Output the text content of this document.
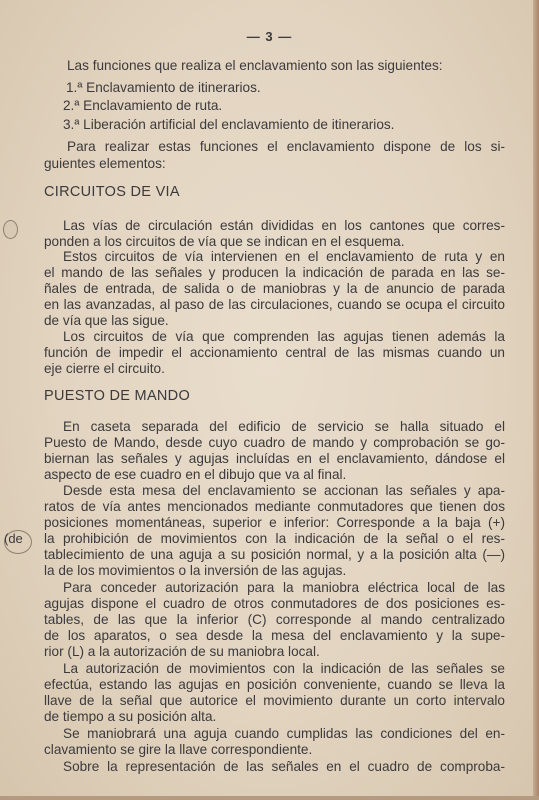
(de
— 3 —
Las funciones que realiza el enclavamiento son las siguientes:
1.ª Enclavamiento de itinerarios.
2.ª Enclavamiento de ruta.
3.ª Liberación artificial del enclavamiento de itinerarios.
Para realizar estas funciones el enclavamiento dispone de los si-
guientes elementos:
CIRCUITOS DE VIA
Las vías de circulación están divididas en los cantones que corres-
ponden a los circuitos de vía que se indican en el esquema.
Estos circuitos de vía intervienen en el enclavamiento de ruta y en
el mando de las señales y producen la indicación de parada en las se-
ñales de entrada, de salida o de maniobras y la de anuncio de parada
en las avanzadas, al paso de las circulaciones, cuando se ocupa el circuito
de vía que las sigue.
Los circuitos de vía que comprenden las agujas tienen además la
función de impedir el accionamiento central de las mismas cuando un
eje cierre el circuito.
PUESTO DE MANDO
En caseta separada del edificio de servicio se halla situado el
Puesto de Mando, desde cuyo cuadro de mando y comprobación se go-
biernan las señales y agujas incluídas en el enclavamiento, dándose el
aspecto de ese cuadro en el dibujo que va al final.
Desde esta mesa del enclavamiento se accionan las señales y apa-
ratos de vía antes mencionados mediante conmutadores que tienen dos
posiciones momentáneas, superior e inferior: Corresponde a la baja (+)
la prohibición de movimientos con la indicación de la señal o el res-
tablecimiento de una aguja a su posición normal, y a la posición alta (—)
la de los movimientos o la inversión de las agujas.
Para conceder autorización para la maniobra eléctrica local de las
agujas dispone el cuadro de otros conmutadores de dos posiciones es-
tables, de las que la inferior (C) corresponde al mando centralizado
de los aparatos, o sea desde la mesa del enclavamiento y la supe-
rior (L) a la autorización de su maniobra local.
La autorización de movimientos con la indicación de las señales se
efectúa, estando las agujas en posición conveniente, cuando se lleva la
llave de la señal que autorice el movimiento durante un corto intervalo
de tiempo a su posición alta.
Se maniobrará una aguja cuando cumplidas las condiciones del en-
clavamiento se gire la llave correspondiente.
Sobre la representación de las señales en el cuadro de comproba-
